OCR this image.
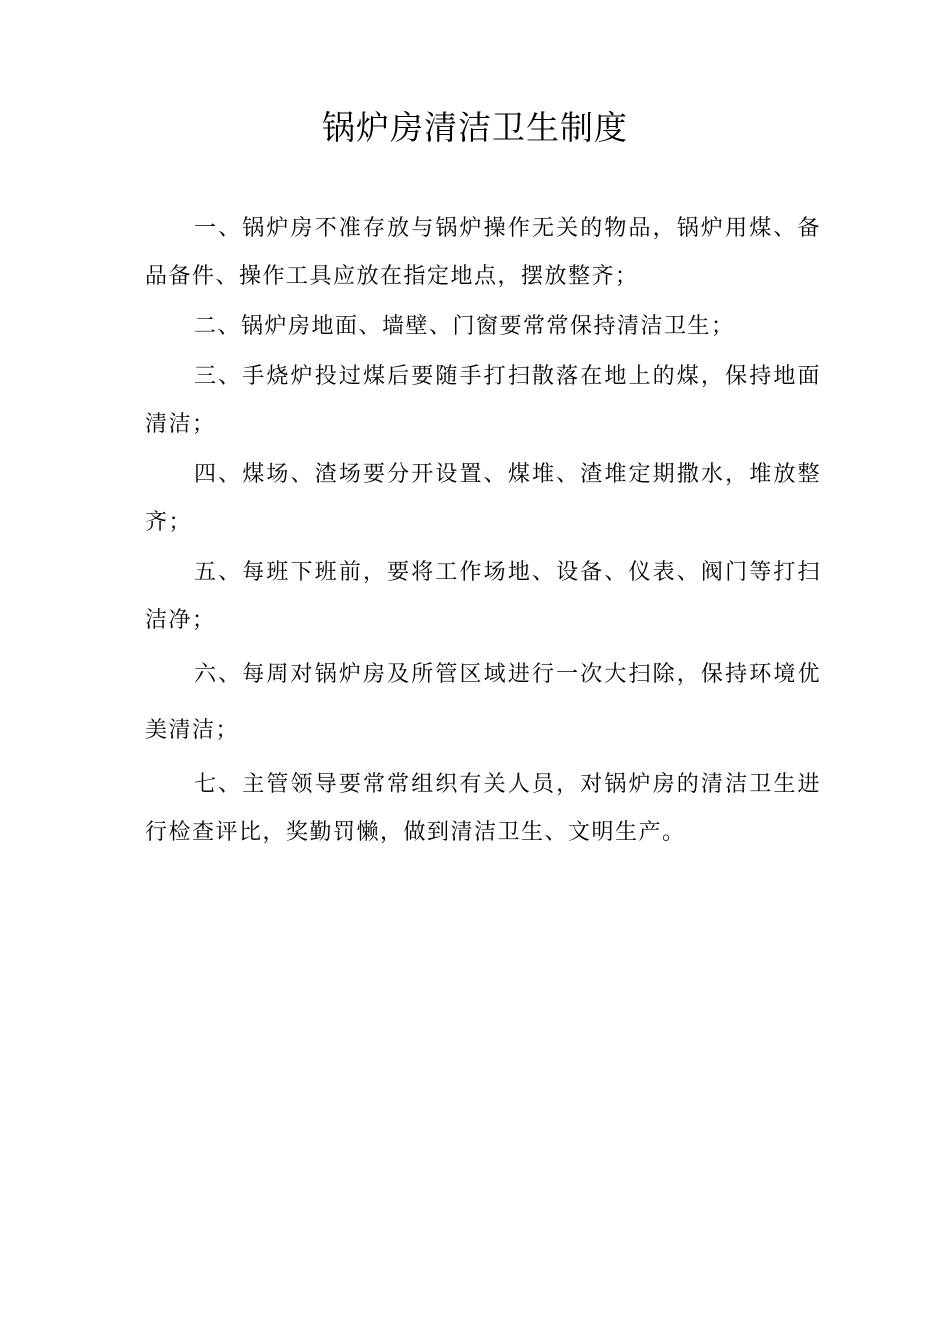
锅炉房清洁卫生制度

一、锅炉房不准存放与锅炉操作无关的物品，锅炉用煤、备品备件、操作工具应放在指定地点，摆放整齐；

二、锅炉房地面、墙壁、门窗要常常保持清洁卫生；

三、手烧炉投过煤后要随手打扫散落在地上的煤，保持地面清洁；

四、煤场、渣场要分开设置、煤堆、渣堆定期撒水，堆放整齐；

五、每班下班前，要将工作场地、设备、仪表、阀门等打扫洁净；

六、每周对锅炉房及所管区域进行一次大扫除，保持环境优美清洁；

七、主管领导要常常组织有关人员，对锅炉房的清洁卫生进行检查评比，奖勤罚懒，做到清洁卫生、文明生产。
